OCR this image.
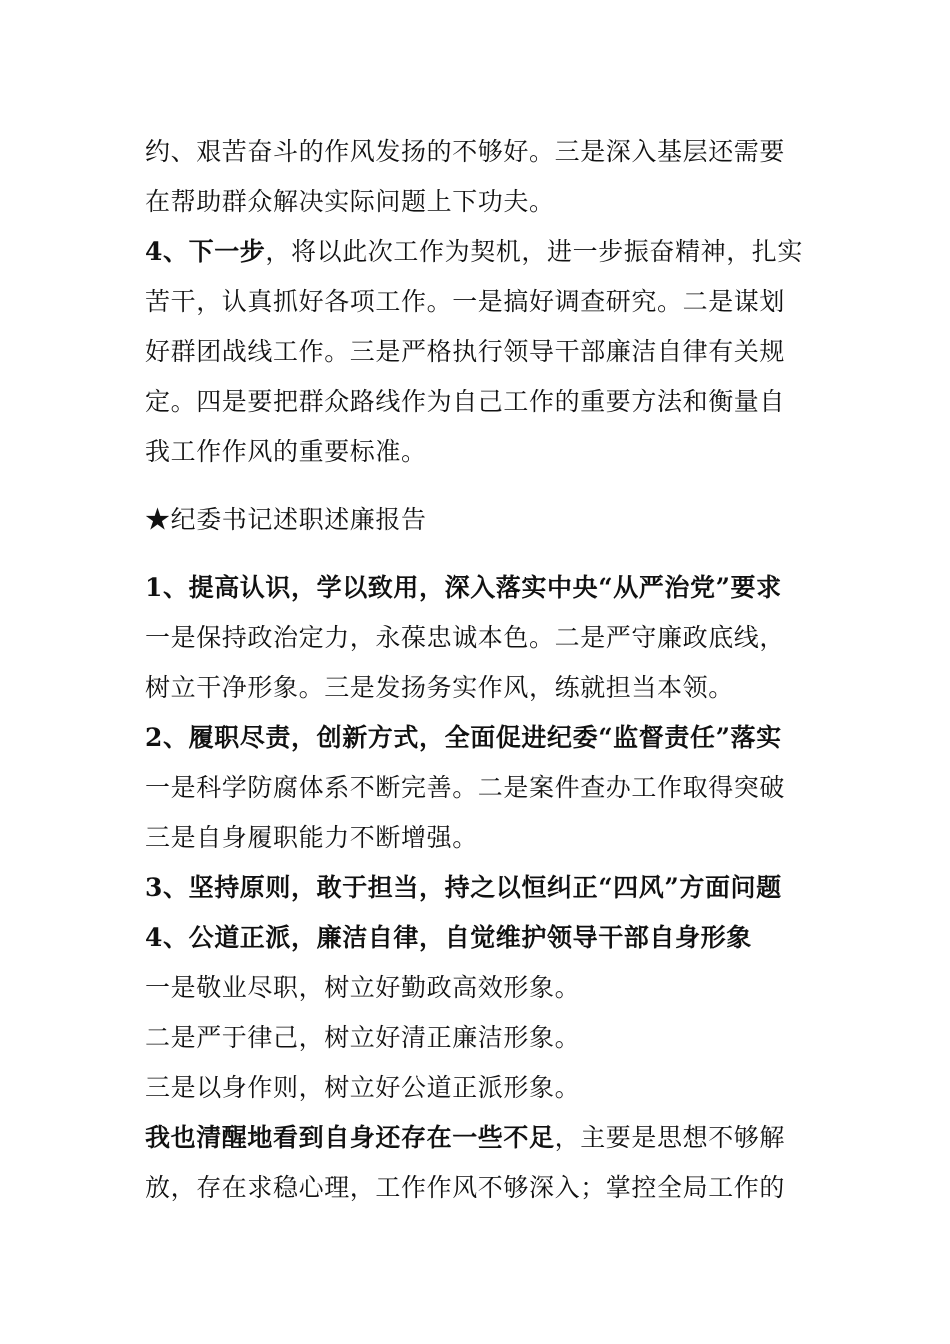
约、艰苦奋斗的作风发扬的不够好。三是深入基层还需要
在帮助群众解决实际问题上下功夫。
4、下一步，将以此次工作为契机，进一步振奋精神，扎实
苦干，认真抓好各项工作。一是搞好调查研究。二是谋划
好群团战线工作。三是严格执行领导干部廉洁自律有关规
定。四是要把群众路线作为自己工作的重要方法和衡量自
我工作作风的重要标准。
★纪委书记述职述廉报告
1、提高认识，学以致用，深入落实中央“从严治党”要求
一是保持政治定力，永葆忠诚本色。二是严守廉政底线，
树立干净形象。三是发扬务实作风，练就担当本领。
2、履职尽责，创新方式，全面促进纪委“监督责任”落实
一是科学防腐体系不断完善。二是案件查办工作取得突破
三是自身履职能力不断增强。
3、坚持原则，敢于担当，持之以恒纠正“四风”方面问题
4、公道正派，廉洁自律，自觉维护领导干部自身形象
一是敬业尽职，树立好勤政高效形象。
二是严于律己，树立好清正廉洁形象。
三是以身作则，树立好公道正派形象。
我也清醒地看到自身还存在一些不足，主要是思想不够解
放，存在求稳心理，工作作风不够深入；掌控全局工作的
